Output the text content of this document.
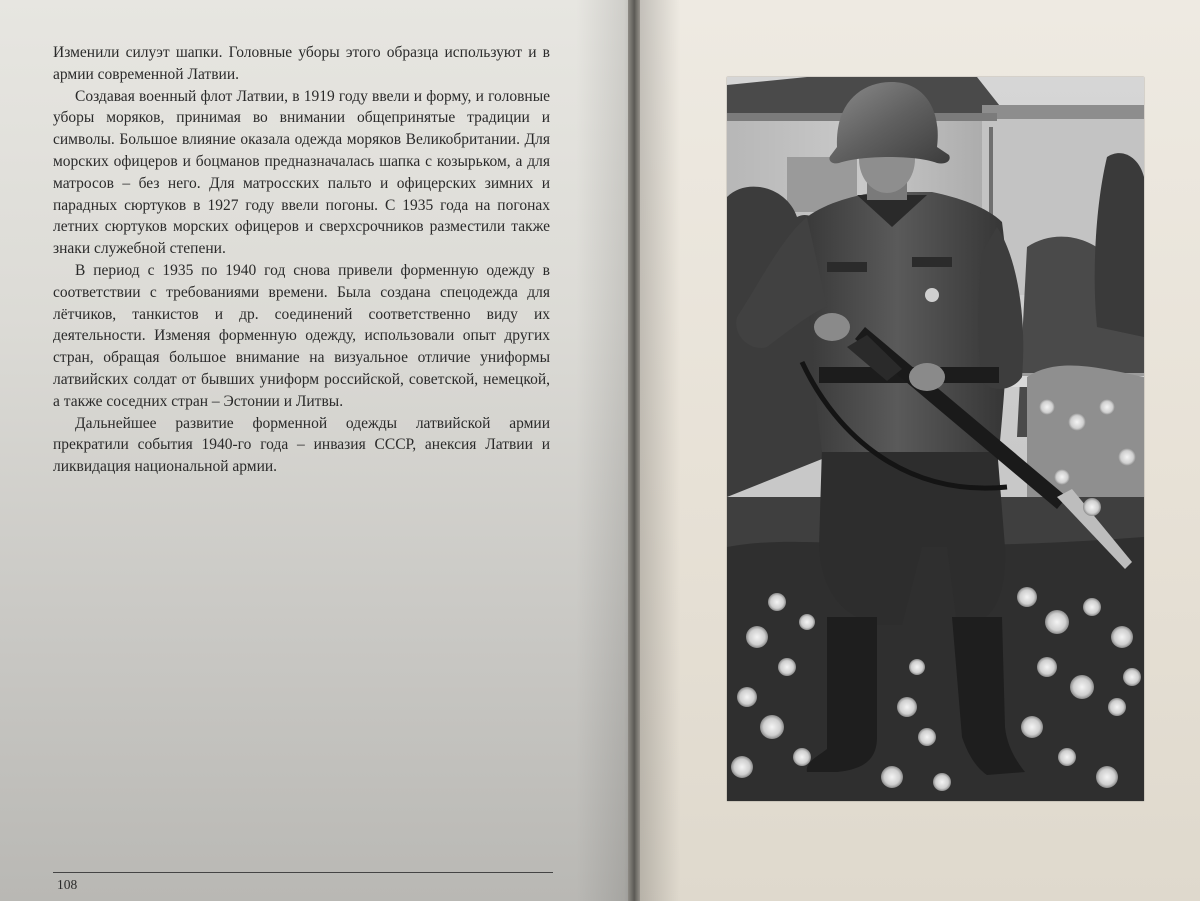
Изменили силуэт шапки. Головные уборы этого образца используют и в армии современной Латвии.

Создавая военный флот Латвии, в 1919 году ввели и форму, и головные уборы моряков, принимая во внимании общепринятые традиции и символы. Большое влияние оказала одежда моряков Великобритании. Для морских офицеров и боцманов предназначалась шапка с козырьком, а для матросов – без него. Для матросских пальто и офицерских зимних и парадных сюртуков в 1927 году ввели погоны. С 1935 года на погонах летних сюртуков морских офицеров и сверхсрочников разместили также знаки служебной степени.

В период с 1935 по 1940 год снова привели форменную одежду в соответствии с требованиями времени. Была создана спецодежда для лётчиков, танкистов и др. соединений соответственно виду их деятельности. Изменяя форменную одежду, использовали опыт других стран, обращая большое внимание на визуальное отличие униформы латвийских солдат от бывших униформ российской, советской, немецкой, а также соседних стран – Эстонии и Литвы.

Дальнейшее развитие форменной одежды латвийской армии прекратили события 1940-го года – инвазия СССР, анексия Латвии и ликвидация национальной армии.

108
